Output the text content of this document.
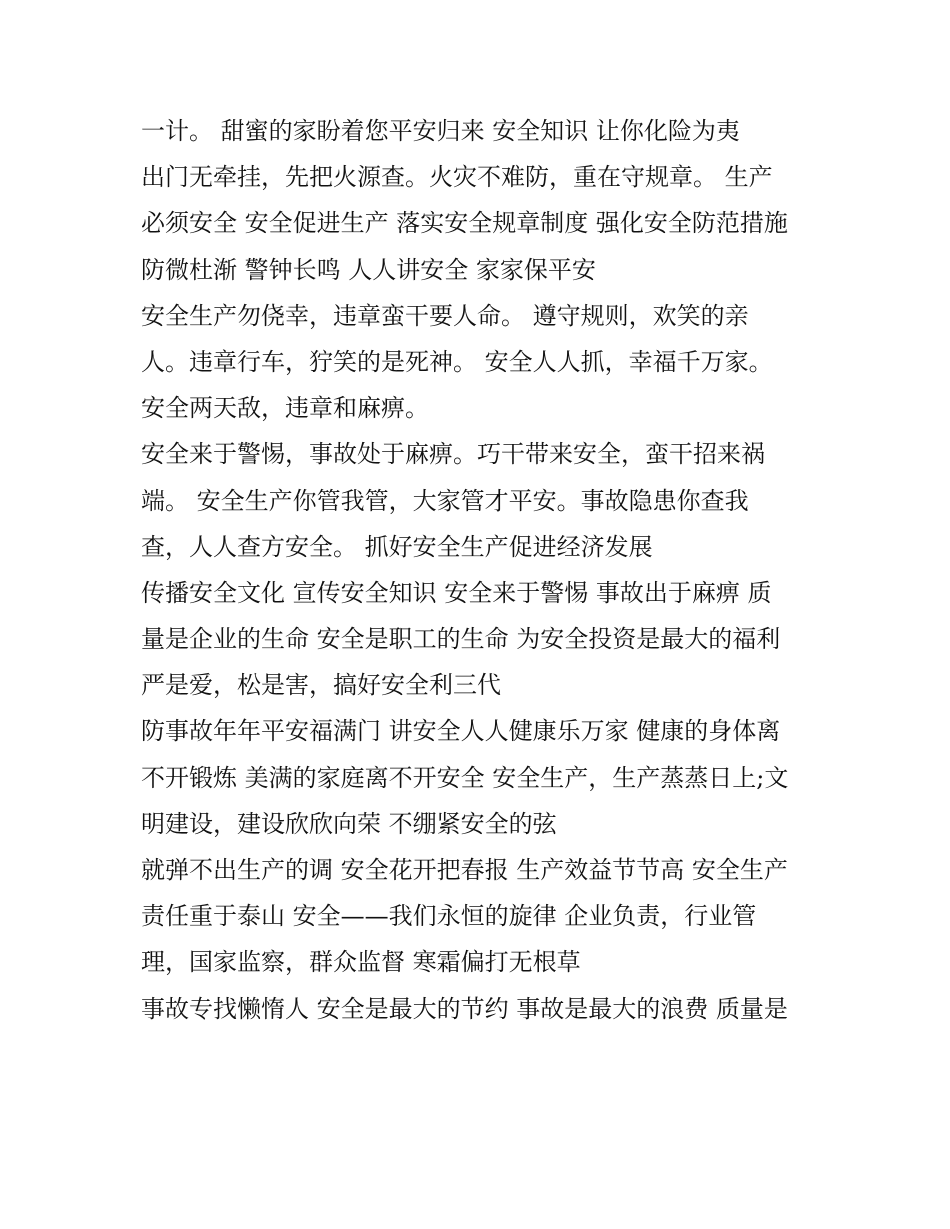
一计。 甜蜜的家盼着您平安归来 安全知识 让你化险为夷
出门无牵挂，先把火源查。火灾不难防，重在守规章。 生产
必须安全 安全促进生产 落实安全规章制度 强化安全防范措施
防微杜渐 警钟长鸣 人人讲安全 家家保平安
安全生产勿侥幸，违章蛮干要人命。 遵守规则，欢笑的亲
人。违章行车，狞笑的是死神。 安全人人抓，幸福千万家。
安全两天敌，违章和麻痹。
安全来于警惕，事故处于麻痹。巧干带来安全，蛮干招来祸
端。 安全生产你管我管，大家管才平安。事故隐患你查我
查，人人查方安全。 抓好安全生产促进经济发展
传播安全文化 宣传安全知识 安全来于警惕 事故出于麻痹 质
量是企业的生命 安全是职工的生命 为安全投资是最大的福利
严是爱，松是害，搞好安全利三代
防事故年年平安福满门 讲安全人人健康乐万家 健康的身体离
不开锻炼 美满的家庭离不开安全 安全生产，生产蒸蒸日上;文
明建设，建设欣欣向荣 不绷紧安全的弦
就弹不出生产的调 安全花开把春报 生产效益节节高 安全生产
责任重于泰山 安全——我们永恒的旋律 企业负责，行业管
理，国家监察，群众监督 寒霜偏打无根草
事故专找懒惰人 安全是最大的节约 事故是最大的浪费 质量是
